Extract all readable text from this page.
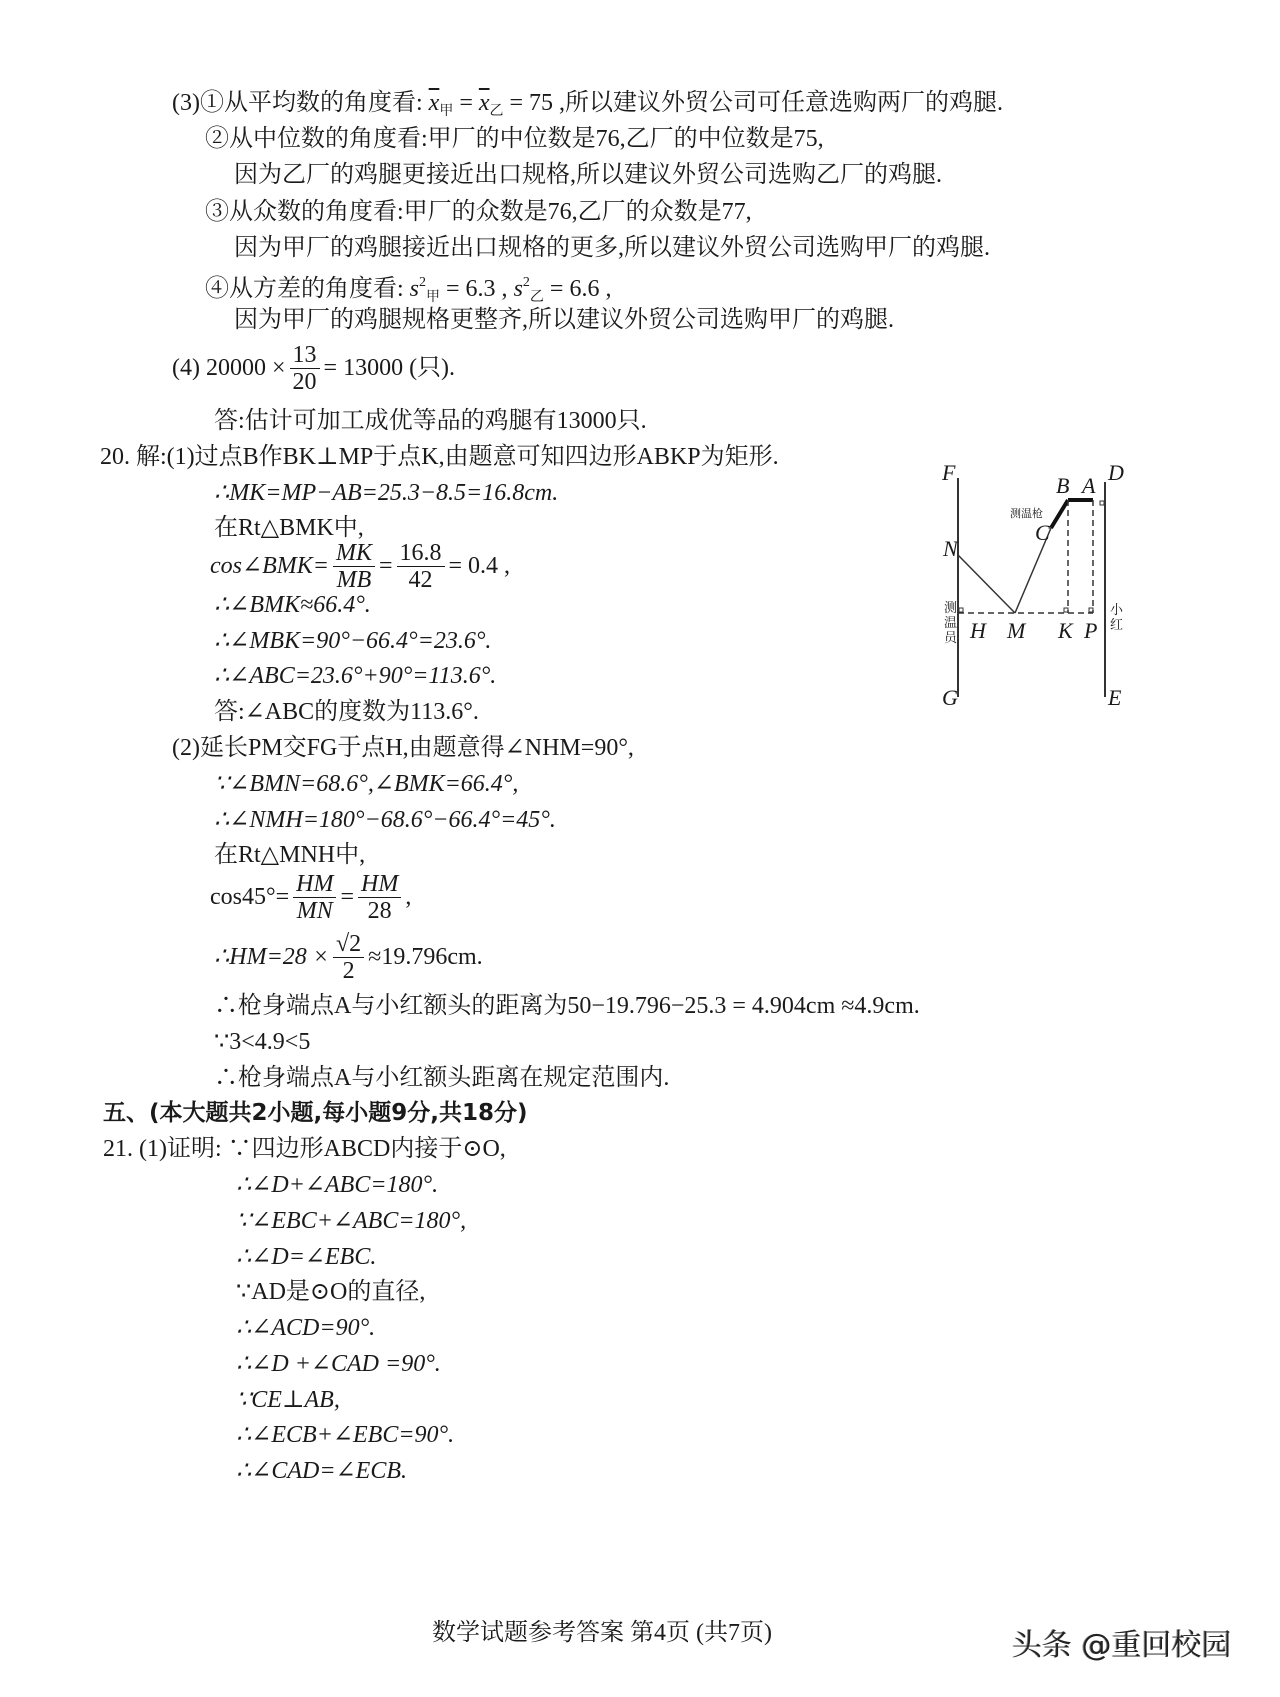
(3)①从平均数的角度看: $\overline{x}_甲 = \overline{x}_乙 = 75$ ,所以建议外贸公司可任意选购两厂的鸡腿.
②从中位数的角度看:甲厂的中位数是76,乙厂的中位数是75,
因为乙厂的鸡腿更接近出口规格,所以建议外贸公司选购乙厂的鸡腿.
③从众数的角度看:甲厂的众数是76,乙厂的众数是77,
因为甲厂的鸡腿接近出口规格的更多,所以建议外贸公司选购甲厂的鸡腿.
④从方差的角度看: $s^2_甲 = 6.3$ , $s^2_乙 = 6.6$ ,
因为甲厂的鸡腿规格更整齐,所以建议外贸公司选购甲厂的鸡腿.
(4) $20000 \times \frac{13}{20} = 13000$ (只).
答:估计可加工成优等品的鸡腿有13000只.
20. 解:(1)过点B作BK⊥MP于点K,由题意可知四边形ABKP为矩形.
∴MK=MP−AB=25.3−8.5=16.8cm.
在Rt△BMK中,
cos∠BMK= $\frac{MK}{MB} = \frac{16.8}{42} = 0.4$ ,
∴∠BMK≈66.4°.
∴∠MBK=90°−66.4°=23.6°.
∴∠ABC=23.6°+90°=113.6°.
答:∠ABC的度数为113.6°.
(2)延长PM交FG于点H,由题意得∠NHM=90°,
∵∠BMN=68.6°,∠BMK=66.4°,
∴∠NMH=180°−68.6°−66.4°=45°.
在Rt△MNH中,
$\cos 45^\circ= \frac{HM}{MN} = \frac{HM}{28}$ ,
∴HM=28 × $\frac{√2}{2} \approx 19.796cm$.
∴枪身端点A与小红额头的距离为50−19.796−25.3 = 4.904cm ≈4.9cm.
∵3<4.9<5
∴枪身端点A与小红额头距离在规定范围内.
五、(本大题共2小题,每小题9分,共18分)
21. (1)证明: ∵四边形ABCD内接于⊙O,
∴∠D+∠ABC=180°.
∵∠EBC+∠ABC=180°,
∴∠D=∠EBC.
∵AD是⊙O的直径,
∴∠ACD=90°.
∴∠D +∠CAD =90°.
∵CE⊥AB,
∴∠ECB+∠EBC=90°.
∴∠CAD=∠ECB.
数学试题参考答案 第4页 (共7页)	头条 @重回校园
F
G
D
E
B A
C
N
H M K P
测温枪
测
温
员
小
红
